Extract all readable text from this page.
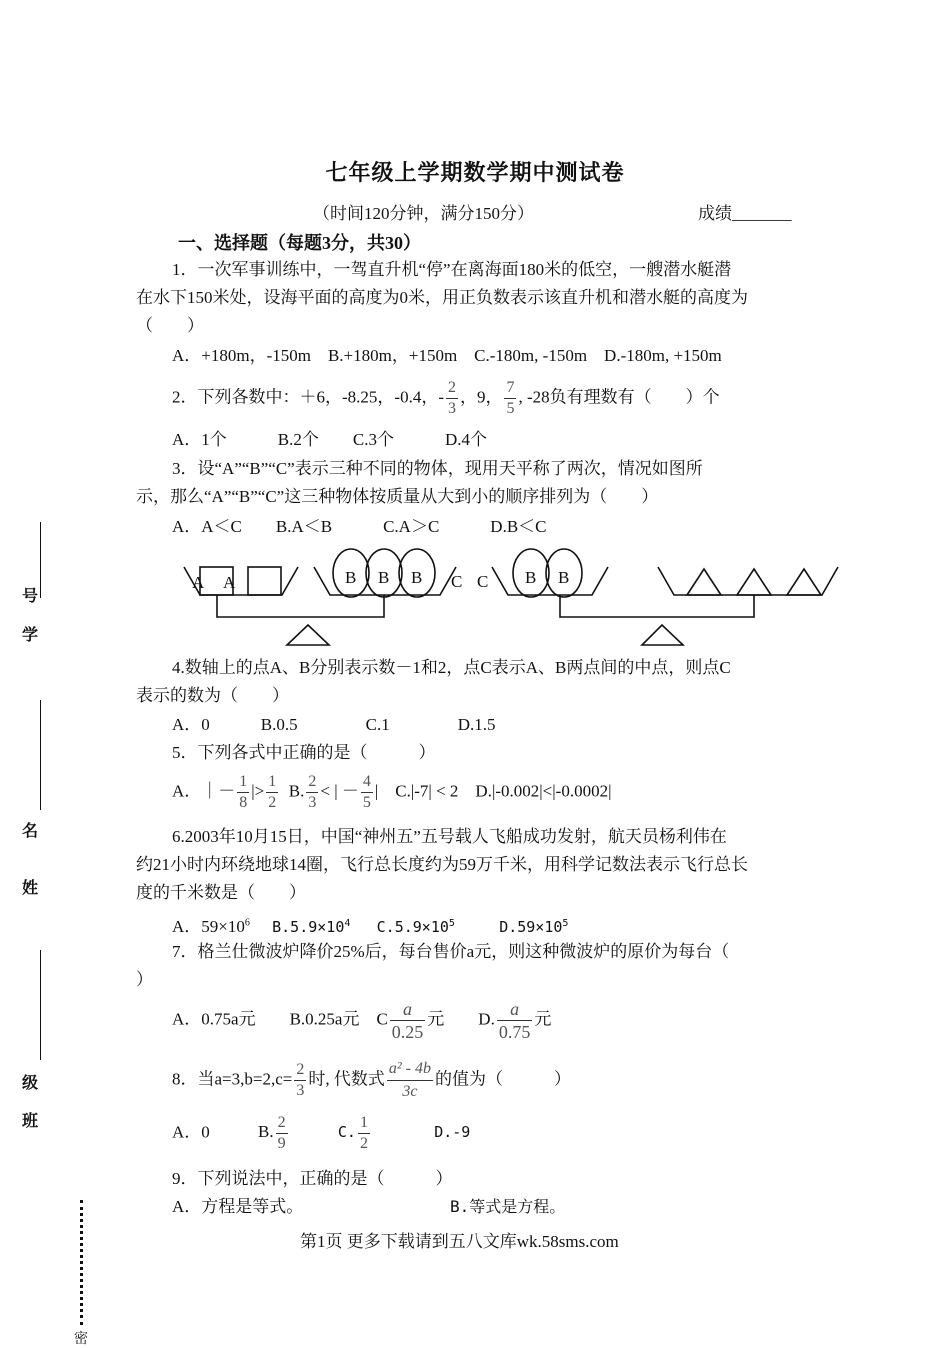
七年级上学期数学期中测试卷
（时间120分钟，满分150分）	成绩_______
一、选择题（每题3分，共30）
1．一次军事训练中，一驾直升机“停”在离海面180米的低空，一艘潜水艇潜
在水下150米处，设海平面的高度为0米，用正负数表示该直升机和潜水艇的高度为
（　　）
A．+180m，-150m　B.+180m，+150m　C.-180m, -150m　D.-180m, +150m
2．下列各数中：＋6，-8.25，-0.4，- $\frac{2}{3}$ ，9， $\frac{7}{5}$ , -28负有理数有（　　）个
A．1个　　　B.2个　　C.3个　　　D.4个
3．设“A”“B”“C”表示三种不同的物体，现用天平称了两次，情况如图所
示，那么“A”“B”“C”这三种物体按质量从大到小的顺序排列为（　　）
A．A＜C　　B.A＜B　　　C.A＞C　　　D.B＜C
A A	B B B C C B B
4.数轴上的点A、B分别表示数－1和2，点C表示A、B两点间的中点，则点C
表示的数为（　　）
A．0　　　B.0.5　　　　C.1　　　　D.1.5
5．下列各式中正确的是（　　　）
A．｜－ $\frac{1}{8}$ |> $\frac{1}{2} B$. $\frac{2}{3}$ < | － $\frac{4}{5}$ |　C.|-7| < 2　D.|-0.002|<|-0.0002|
6.2003年10月15日，中国“神州五”五号载人飞船成功发射，航天员杨利伟在
约21小时内环绕地球14圈，飞行总长度约为59万千米，用科学记数法表示飞行总长
度的千米数是（　　）
A．$59\times 10^6$ $B.5.9\times 10^4$ $C.5.9\times 10^5$	$D.59\times 10^5$
7．格兰仕微波炉降价25%后，每台售价a元，则这种微波炉的原价为每台（
）
A．0.75a元　　B.0.25a元　C $\frac{a}{0.25}$ 元　　D. $\frac{a}{0.75}$ 元
8．当$a=3,b=2,c= \frac{2}{3}$ 时, 代数式 $\frac{\text{a² - 4b}}{3c}$ 的值为（　　　）
A．0	B. $\frac{2}{9}$	C. $\frac{1}{2}$	D.-9
9．下列说法中，正确的是（　　　）
A．方程是等式。	B.等式是方程。
第1页 更多下载请到五八文库wk.58sms.com
号
学
名
姓
级
班
密
